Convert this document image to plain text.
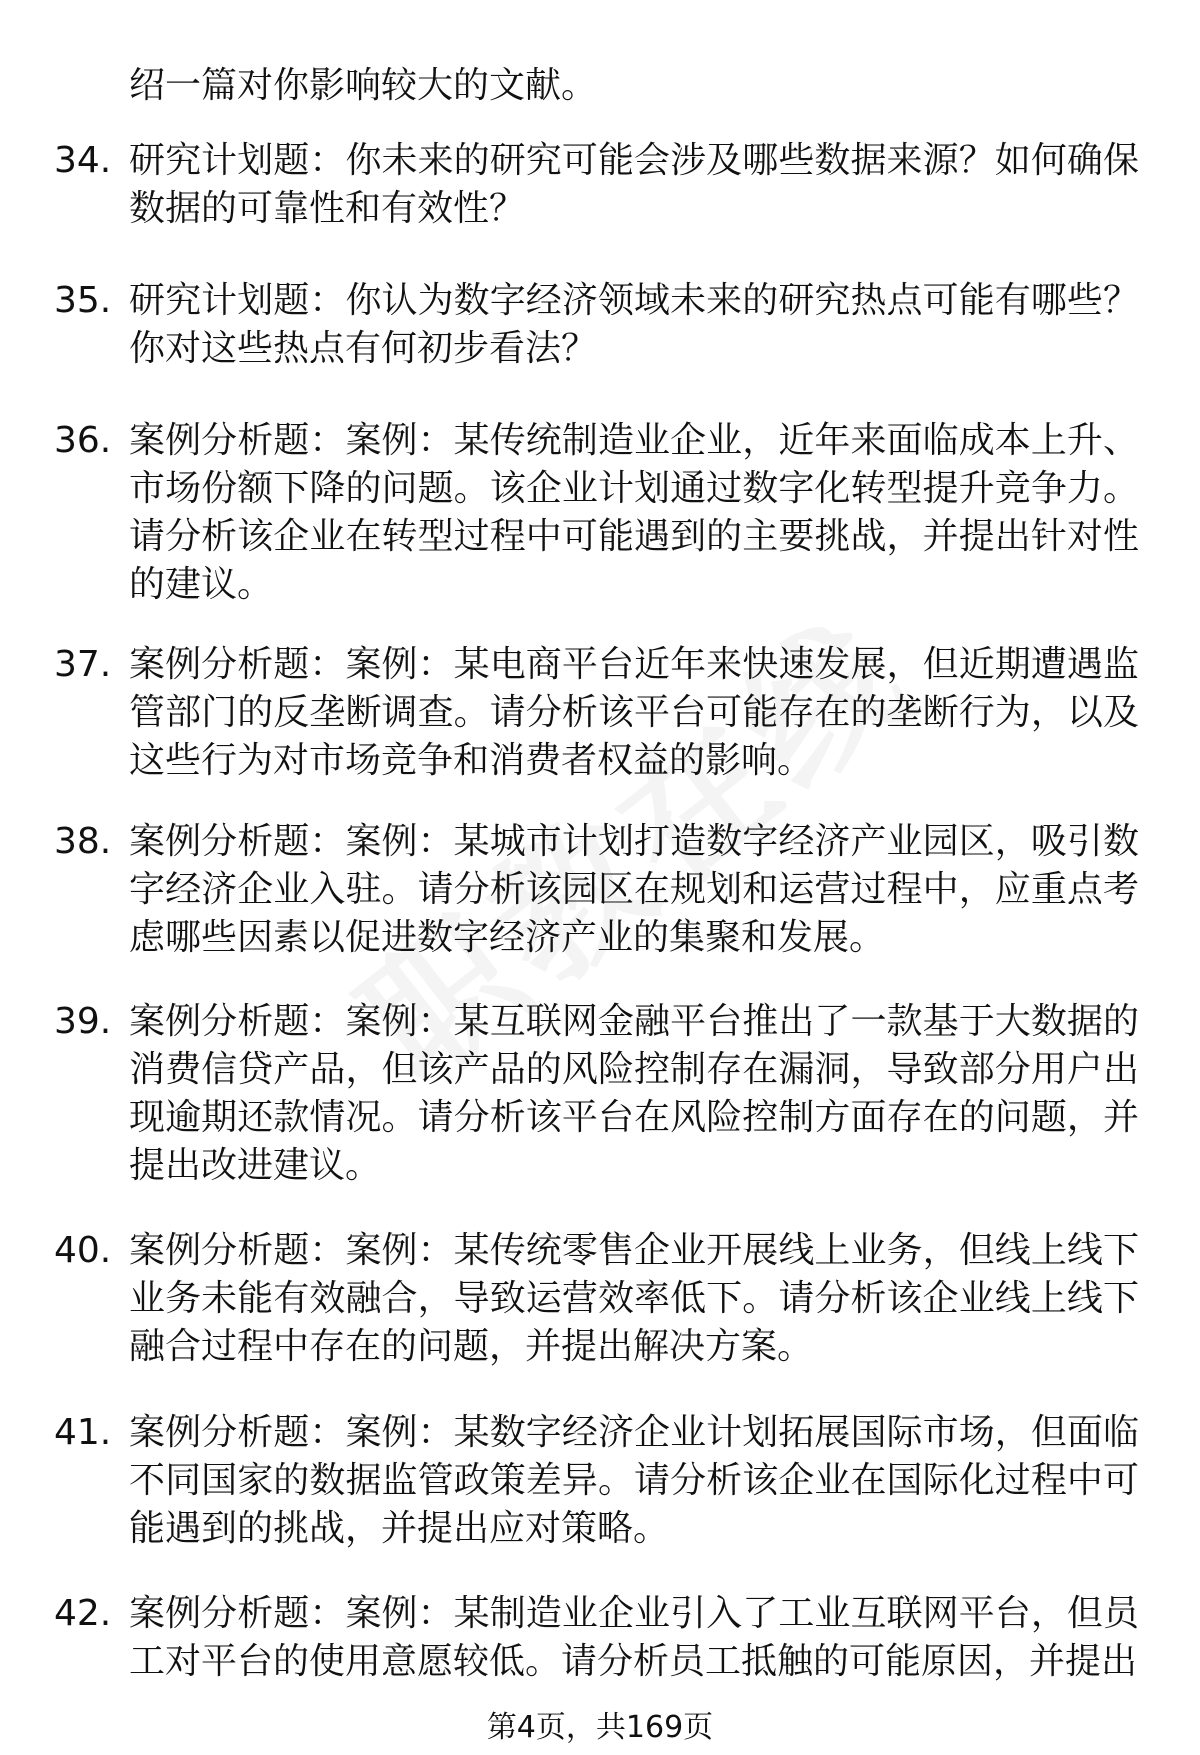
绍一篇对你影响较大的文献。
34. 研究计划题：你未来的研究可能会涉及哪些数据来源？如何确保数据的可靠性和有效性？
35. 研究计划题：你认为数字经济领域未来的研究热点可能有哪些？你对这些热点有何初步看法？
36. 案例分析题：案例：某传统制造业企业，近年来面临成本上升、市场份额下降的问题。该企业计划通过数字化转型提升竞争力。请分析该企业在转型过程中可能遇到的主要挑战，并提出针对性的建议。
37. 案例分析题：案例：某电商平台近年来快速发展，但近期遭遇监管部门的反垄断调查。请分析该平台可能存在的垄断行为，以及这些行为对市场竞争和消费者权益的影响。
38. 案例分析题：案例：某城市计划打造数字经济产业园区，吸引数字经济企业入驻。请分析该园区在规划和运营过程中，应重点考虑哪些因素以促进数字经济产业的集聚和发展。
39. 案例分析题：案例：某互联网金融平台推出了一款基于大数据的消费信贷产品，但该产品的风险控制存在漏洞，导致部分用户出现逾期还款情况。请分析该平台在风险控制方面存在的问题，并提出改进建议。
40. 案例分析题：案例：某传统零售企业开展线上业务，但线上线下业务未能有效融合，导致运营效率低下。请分析该企业线上线下融合过程中存在的问题，并提出解决方案。
41. 案例分析题：案例：某数字经济企业计划拓展国际市场，但面临不同国家的数据监管政策差异。请分析该企业在国际化过程中可能遇到的挑战，并提出应对策略。
42. 案例分析题：案例：某制造业企业引入了工业互联网平台，但员工对平台的使用意愿较低。请分析员工抵触的可能原因，并提出
第4页，共169页
